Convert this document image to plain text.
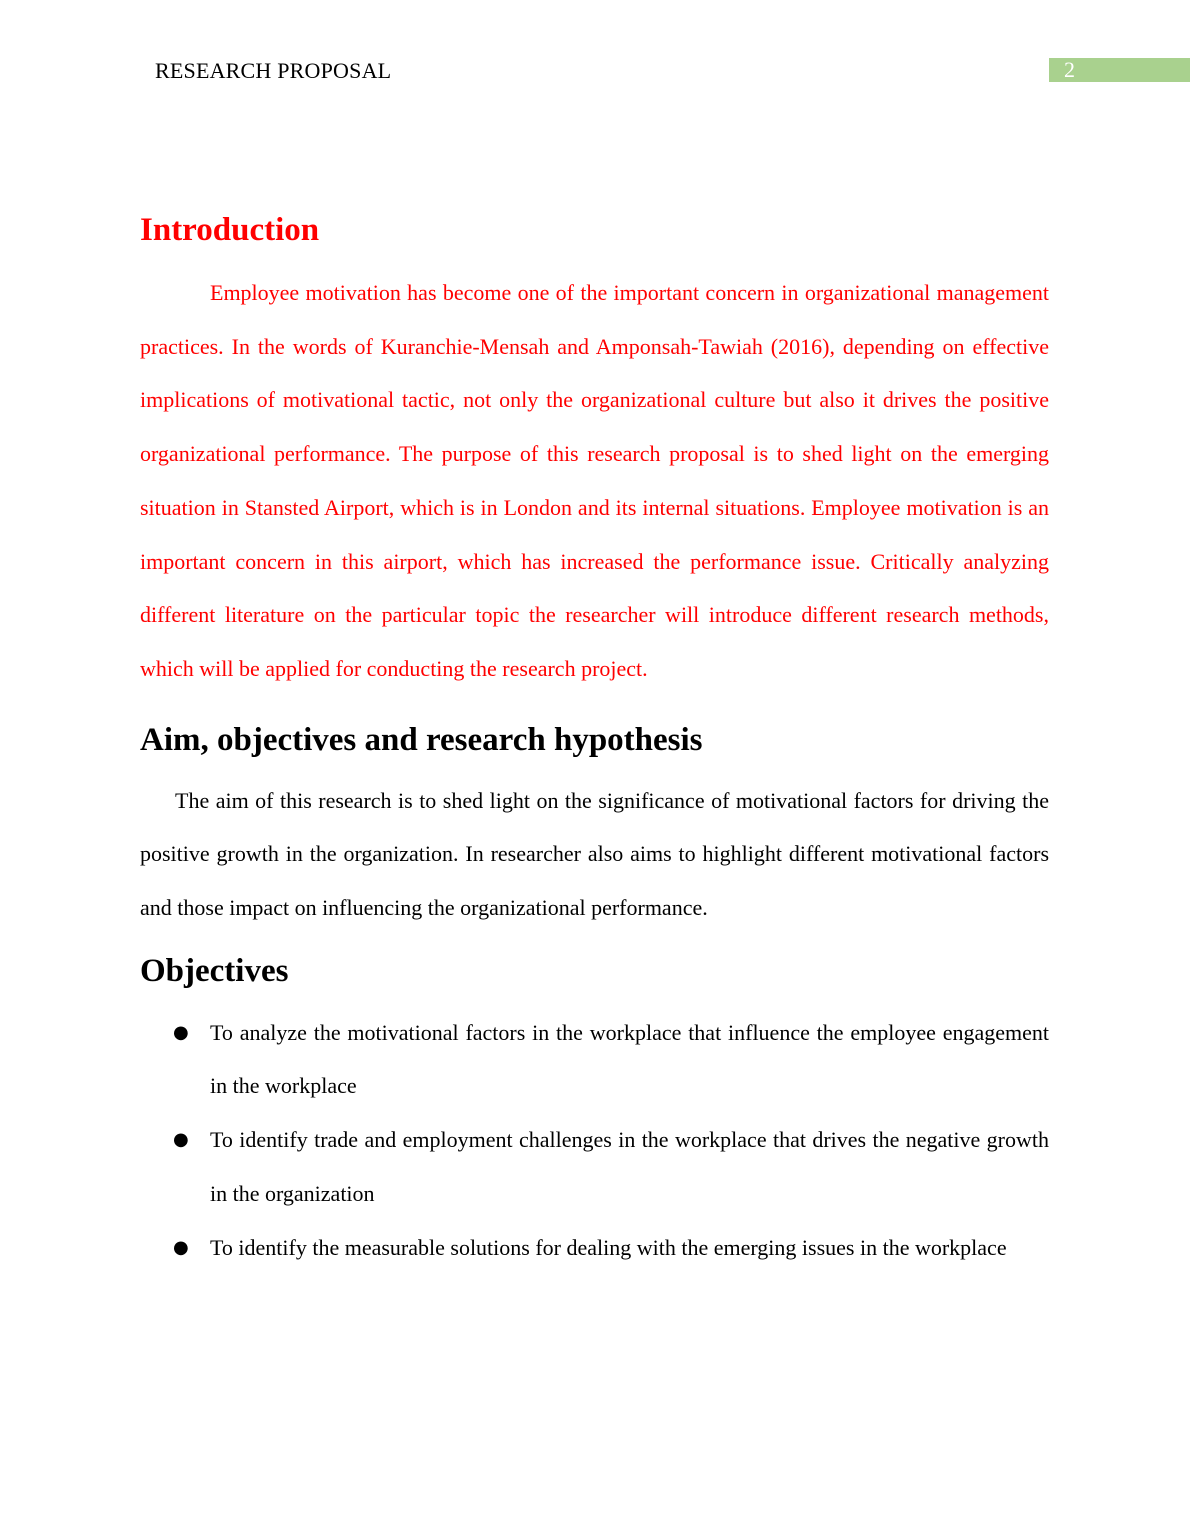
RESEARCH PROPOSAL	2
Introduction

Employee motivation has become one of the important concern in organizational management practices. In the words of Kuranchie-Mensah and Amponsah-Tawiah (2016), depending on effective implications of motivational tactic, not only the organizational culture but also it drives the positive organizational performance. The purpose of this research proposal is to shed light on the emerging situation in Stansted Airport, which is in London and its internal situations. Employee motivation is an important concern in this airport, which has increased the performance issue. Critically analyzing different literature on the particular topic the researcher will introduce different research methods, which will be applied for conducting the research project.

Aim, objectives and research hypothesis

The aim of this research is to shed light on the significance of motivational factors for driving the positive growth in the organization. In researcher also aims to highlight different motivational factors and those impact on influencing the organizational performance.

Objectives
● To analyze the motivational factors in the workplace that influence the employee engagement in the workplace
● To identify trade and employment challenges in the workplace that drives the negative growth in the organization
● To identify the measurable solutions for dealing with the emerging issues in the workplace
